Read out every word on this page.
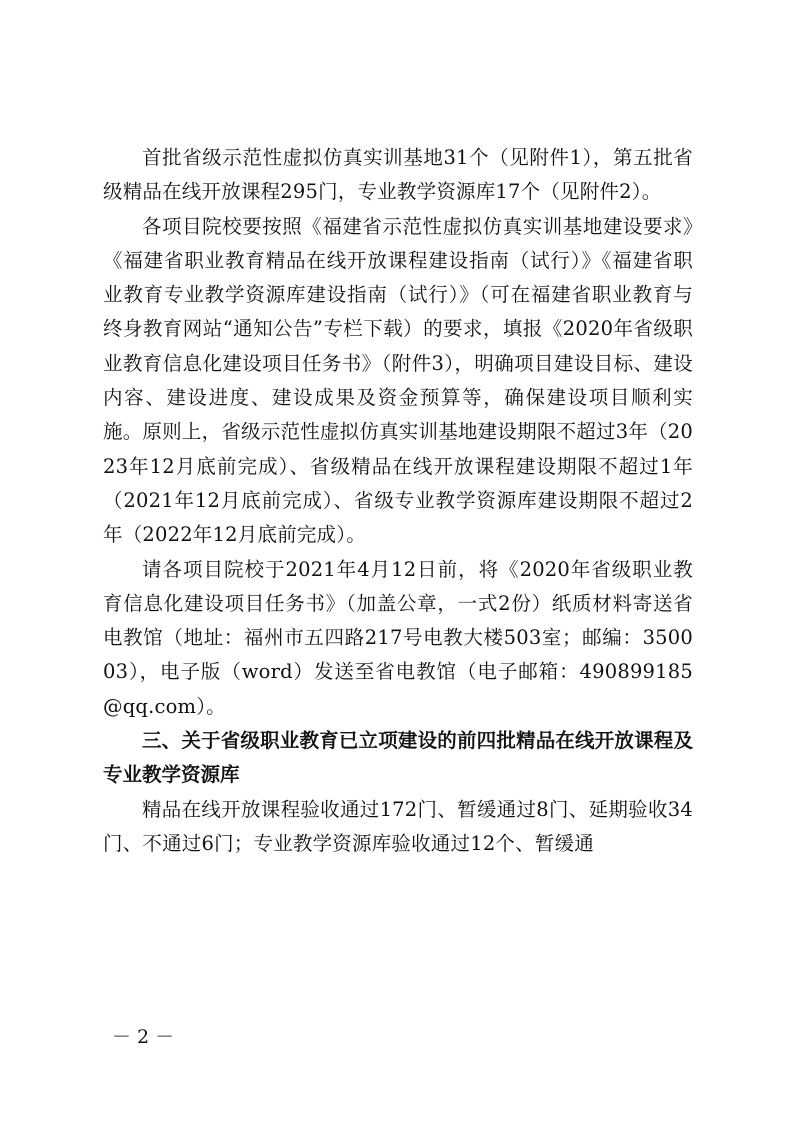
首批省级示范性虚拟仿真实训基地31个（见附件1），第五批省级精品在线开放课程295门，专业教学资源库17个（见附件2）。

各项目院校要按照《福建省示范性虚拟仿真实训基地建设要求》《福建省职业教育精品在线开放课程建设指南（试行）》《福建省职业教育专业教学资源库建设指南（试行）》（可在福建省职业教育与终身教育网站“通知公告”专栏下载）的要求，填报《2020年省级职业教育信息化建设项目任务书》（附件3），明确项目建设目标、建设内容、建设进度、建设成果及资金预算等，确保建设项目顺利实施。原则上，省级示范性虚拟仿真实训基地建设期限不超过3年（2023年12月底前完成）、省级精品在线开放课程建设期限不超过1年（2021年12月底前完成）、省级专业教学资源库建设期限不超过2年（2022年12月底前完成）。

请各项目院校于2021年4月12日前，将《2020年省级职业教育信息化建设项目任务书》（加盖公章，一式2份）纸质材料寄送省电教馆（地址：福州市五四路217号电教大楼503室；邮编：350003），电子版（word）发送至省电教馆（电子邮箱：490899185@qq.com）。

三、关于省级职业教育已立项建设的前四批精品在线开放课程及专业教学资源库

精品在线开放课程验收通过172门、暂缓通过8门、延期验收34门、不通过6门；专业教学资源库验收通过12个、暂缓通

－ 2 －
